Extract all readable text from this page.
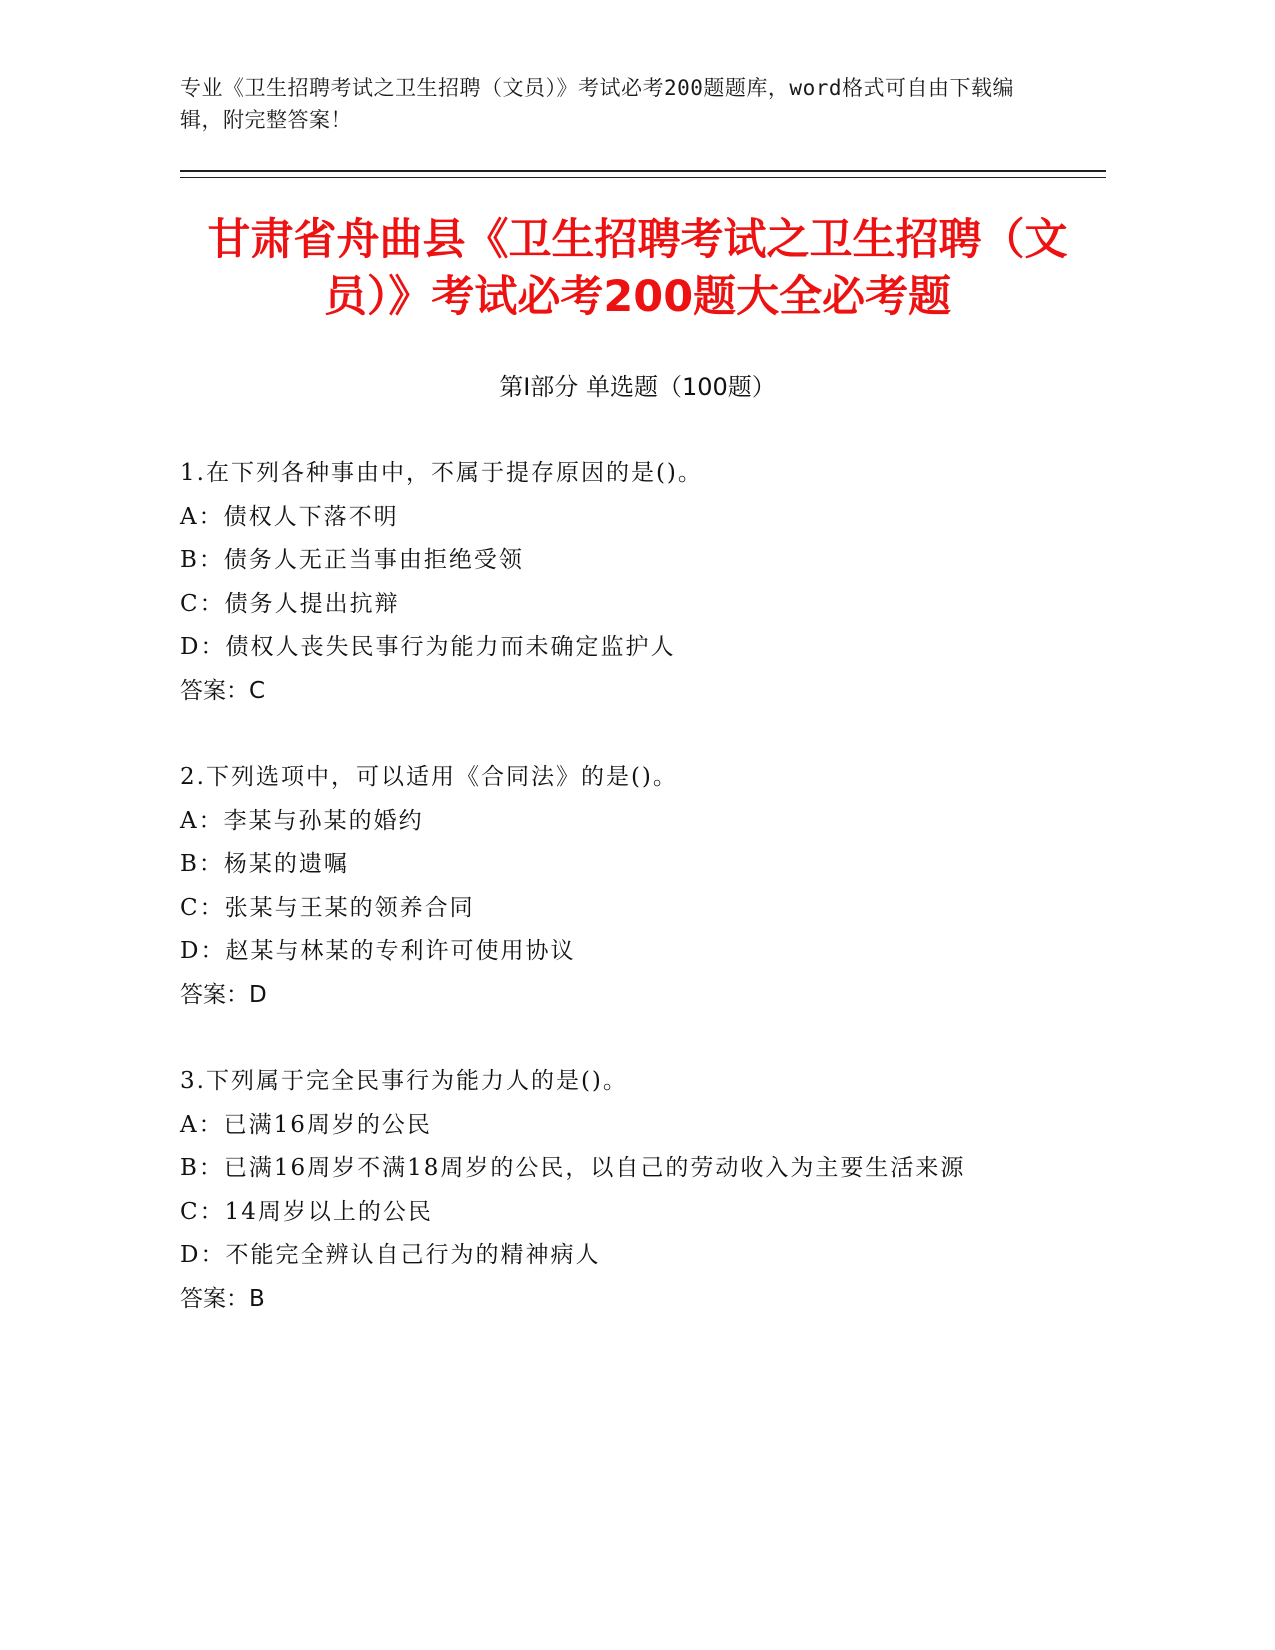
专业《卫生招聘考试之卫生招聘（文员）》考试必考200题题库，word格式可自由下载编辑，附完整答案！
甘肃省舟曲县《卫生招聘考试之卫生招聘（文员）》考试必考200题大全必考题
第I部分 单选题（100题）
1.在下列各种事由中，不属于提存原因的是()。
A：债权人下落不明
B：债务人无正当事由拒绝受领
C：债务人提出抗辩
D：债权人丧失民事行为能力而未确定监护人
答案：C
2.下列选项中，可以适用《合同法》的是()。
A：李某与孙某的婚约
B：杨某的遗嘱
C：张某与王某的领养合同
D：赵某与林某的专利许可使用协议
答案：D
3.下列属于完全民事行为能力人的是()。
A：已满16周岁的公民
B：已满16周岁不满18周岁的公民，以自己的劳动收入为主要生活来源
C：14周岁以上的公民
D：不能完全辨认自己行为的精神病人
答案：B
